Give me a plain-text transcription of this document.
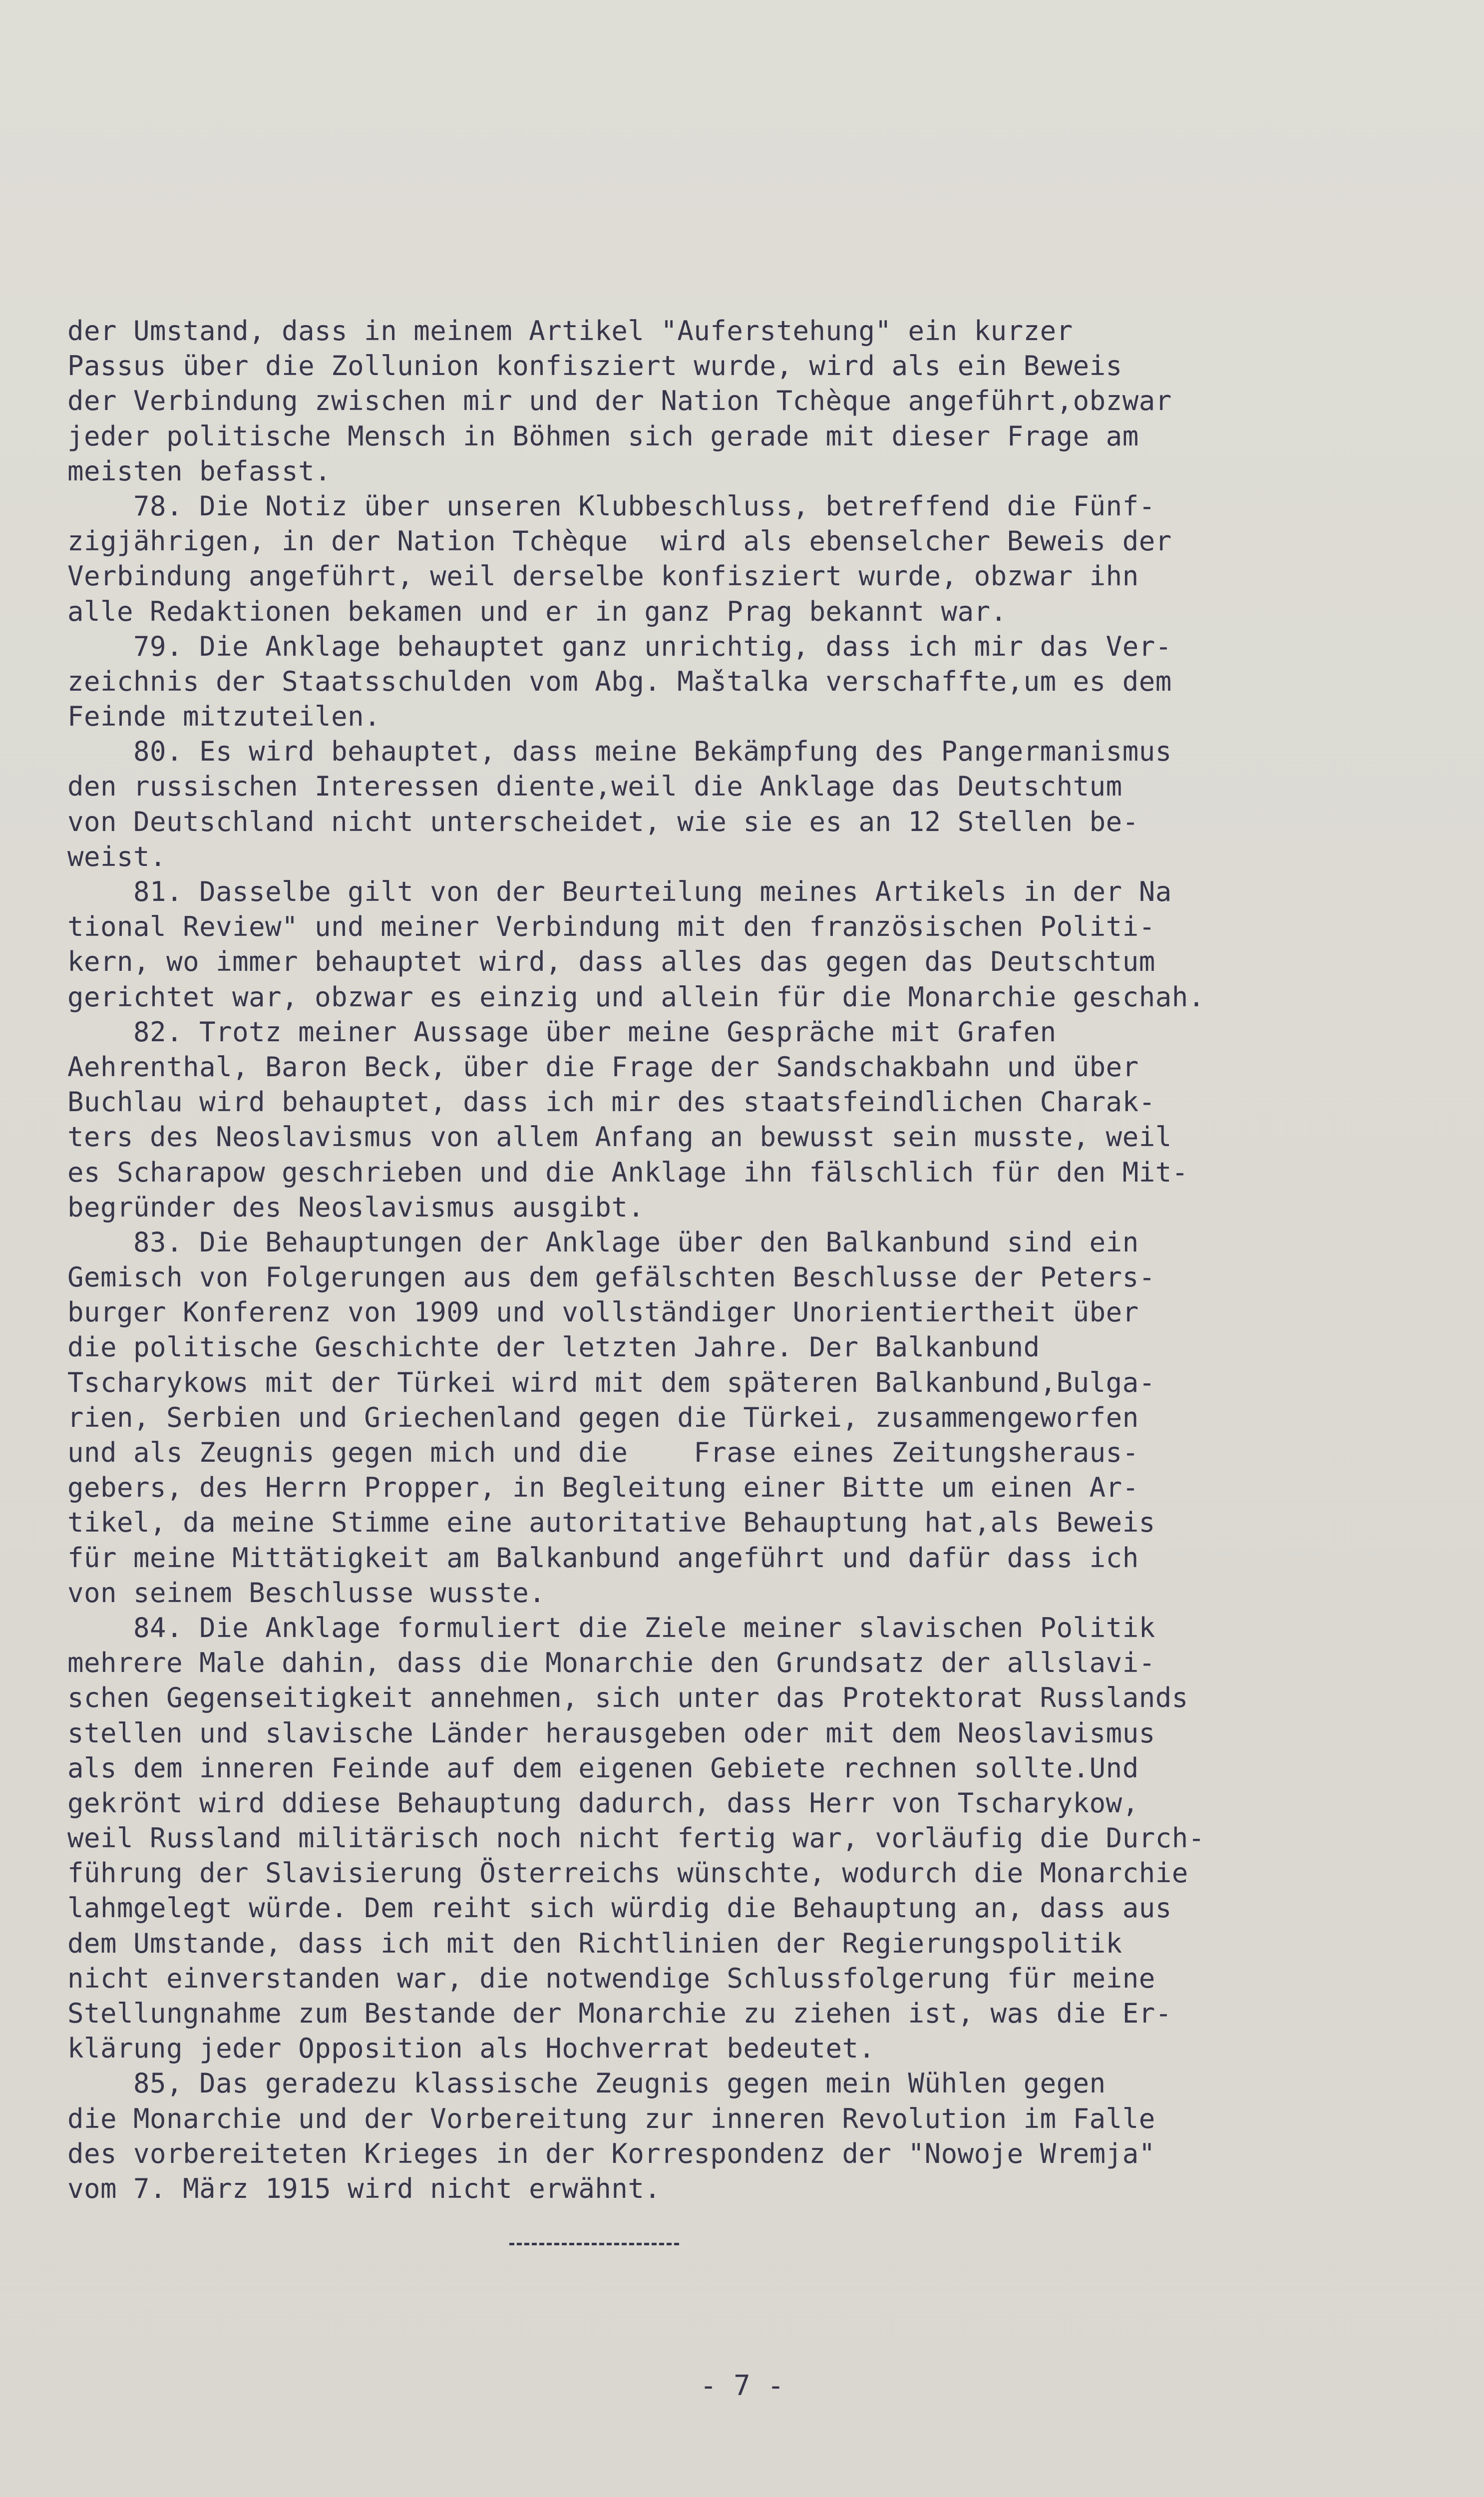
der Umstand, dass in meinem Artikel "Auferstehung" ein kurzer
Passus über die Zollunion konfisziert wurde, wird als ein Beweis
der Verbindung zwischen mir und der Nation Tchèque angeführt,obzwar
jeder politische Mensch in Böhmen sich gerade mit dieser Frage am
meisten befasst.
78. Die Notiz über unseren Klubbeschluss, betreffend die Fünf-
zigjährigen, in der Nation Tchèque  wird als ebenselcher Beweis der
Verbindung angeführt, weil derselbe konfisziert wurde, obzwar ihn
alle Redaktionen bekamen und er in ganz Prag bekannt war.
79. Die Anklage behauptet ganz unrichtig, dass ich mir das Ver-
zeichnis der Staatsschulden vom Abg. Maštalka verschaffte,um es dem
Feinde mitzuteilen.
80. Es wird behauptet, dass meine Bekämpfung des Pangermanismus
den russischen Interessen diente,weil die Anklage das Deutschtum
von Deutschland nicht unterscheidet, wie sie es an 12 Stellen be-
weist.
81. Dasselbe gilt von der Beurteilung meines Artikels in der Na
tional Review" und meiner Verbindung mit den französischen Politi-
kern, wo immer behauptet wird, dass alles das gegen das Deutschtum
gerichtet war, obzwar es einzig und allein für die Monarchie geschah.
82. Trotz meiner Aussage über meine Gespräche mit Grafen
Aehrenthal, Baron Beck, über die Frage der Sandschakbahn und über
Buchlau wird behauptet, dass ich mir des staatsfeindlichen Charak-
ters des Neoslavismus von allem Anfang an bewusst sein musste, weil
es Scharapow geschrieben und die Anklage ihn fälschlich für den Mit-
begründer des Neoslavismus ausgibt.
83. Die Behauptungen der Anklage über den Balkanbund sind ein
Gemisch von Folgerungen aus dem gefälschten Beschlusse der Peters-
burger Konferenz von 1909 und vollständiger Unorientiertheit über
die politische Geschichte der letzten Jahre. Der Balkanbund
Tscharykows mit der Türkei wird mit dem späteren Balkanbund,Bulga-
rien, Serbien und Griechenland gegen die Türkei, zusammengeworfen
und als Zeugnis gegen mich und die    Frase eines Zeitungsheraus-
gebers, des Herrn Propper, in Begleitung einer Bitte um einen Ar-
tikel, da meine Stimme eine autoritative Behauptung hat,als Beweis
für meine Mittätigkeit am Balkanbund angeführt und dafür dass ich
von seinem Beschlusse wusste.
84. Die Anklage formuliert die Ziele meiner slavischen Politik
mehrere Male dahin, dass die Monarchie den Grundsatz der allslavi-
schen Gegenseitigkeit annehmen, sich unter das Protektorat Russlands
stellen und slavische Länder herausgeben oder mit dem Neoslavismus
als dem inneren Feinde auf dem eigenen Gebiete rechnen sollte.Und
gekrönt wird ddiese Behauptung dadurch, dass Herr von Tscharykow,
weil Russland militärisch noch nicht fertig war, vorläufig die Durch-
führung der Slavisierung Österreichs wünschte, wodurch die Monarchie
lahmgelegt würde. Dem reiht sich würdig die Behauptung an, dass aus
dem Umstande, dass ich mit den Richtlinien der Regierungspolitik
nicht einverstanden war, die notwendige Schlussfolgerung für meine
Stellungnahme zum Bestande der Monarchie zu ziehen ist, was die Er-
klärung jeder Opposition als Hochverrat bedeutet.
85, Das geradezu klassische Zeugnis gegen mein Wühlen gegen
die Monarchie und der Vorbereitung zur inneren Revolution im Falle
des vorbereiteten Krieges in der Korrespondenz der "Nowoje Wremja"
vom 7. März 1915 wird nicht erwähnt.
- 7 -
